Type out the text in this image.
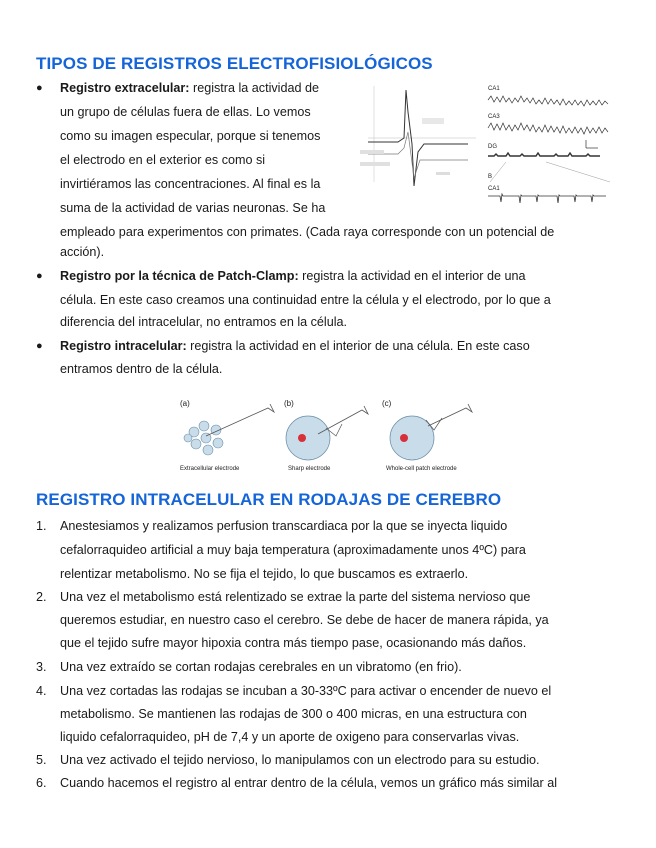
TIPOS DE REGISTROS ELECTROFISIOLÓGICOS
● Registro extracelular: registra la actividad de
un grupo de células fuera de ellas. Lo vemos
como su imagen especular, porque si tenemos
el electrodo en el exterior es como si
invirtiéramos las concentraciones. Al final es la
suma de la actividad de varias neuronas. Se ha
empleado para experimentos con primates. (Cada raya corresponde con un potencial de
acción).
CA1
CA3
DG
B
CA1
● Registro por la técnica de Patch-Clamp: registra la actividad en el interior de una
célula. En este caso creamos una continuidad entre la célula y el electrodo, por lo que a
diferencia del intracelular, no entramos en la célula.
● Registro intracelular: registra la actividad en el interior de una célula. En este caso
entramos dentro de la célula.
(a)
Extracellular electrode
(b)
Sharp electrode
(c)
Whole-cell patch electrode
REGISTRO INTRACELULAR EN RODAJAS DE CEREBRO
1. Anestesiamos y realizamos perfusion transcardiaca por la que se inyecta liquido
cefalorraquideo artificial a muy baja temperatura (aproximadamente unos 4ºC) para
relentizar metabolismo. No se fija el tejido, lo que buscamos es extraerlo.
2. Una vez el metabolismo está relentizado se extrae la parte del sistema nervioso que
queremos estudiar, en nuestro caso el cerebro. Se debe de hacer de manera rápida, ya
que el tejido sufre mayor hipoxia contra más tiempo pase, ocasionando más daños.
3. Una vez extraído se cortan rodajas cerebrales en un vibratomo (en frio).
4. Una vez cortadas las rodajas se incuban a 30-33ºC para activar o encender de nuevo el
metabolismo. Se mantienen las rodajas de 300 o 400 micras, en una estructura con
liquido cefalorraquideo, pH de 7,4 y un aporte de oxigeno para conservarlas vivas.
5. Una vez activado el tejido nervioso, lo manipulamos con un electrodo para su estudio.
6. Cuando hacemos el registro al entrar dentro de la célula, vemos un gráfico más similar al
